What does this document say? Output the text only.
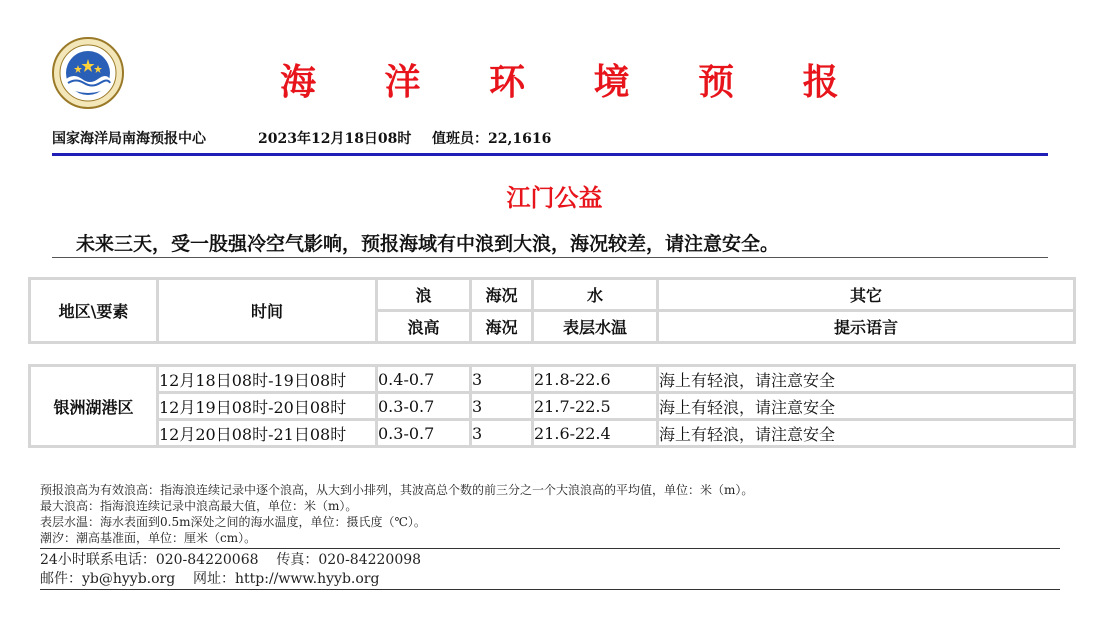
海 洋 环 境 预 报
国家海洋局南海预报中心	2023年12月18日08时 值班员：22,1616
江门公益
未来三天，受一股强冷空气影响，预报海域有中浪到大浪，海况较差，请注意安全。
地区\要素	时间	浪	海况	水	其它
		浪高	海况	表层水温	提示语言
银洲湖港区	12月18日08时-19日08时	0.4-0.7	3	21.8-22.6	海上有轻浪，请注意安全
	12月19日08时-20日08时	0.3-0.7	3	21.7-22.5	海上有轻浪，请注意安全
	12月20日08时-21日08时	0.3-0.7	3	21.6-22.4	海上有轻浪，请注意安全
预报浪高为有效浪高：指海浪连续记录中逐个浪高，从大到小排列，其波高总个数的前三分之一个大浪浪高的平均值，单位：米（m）。
最大浪高：指海浪连续记录中浪高最大值，单位：米（m）。
表层水温：海水表面到0.5m深处之间的海水温度，单位：摄氏度（℃）。
潮汐：潮高基准面，单位：厘米（cm）。
24小时联系电话：020-84220068 传真：020-84220098
邮件：yb@hyyb.org 网址：http://www.hyyb.org
